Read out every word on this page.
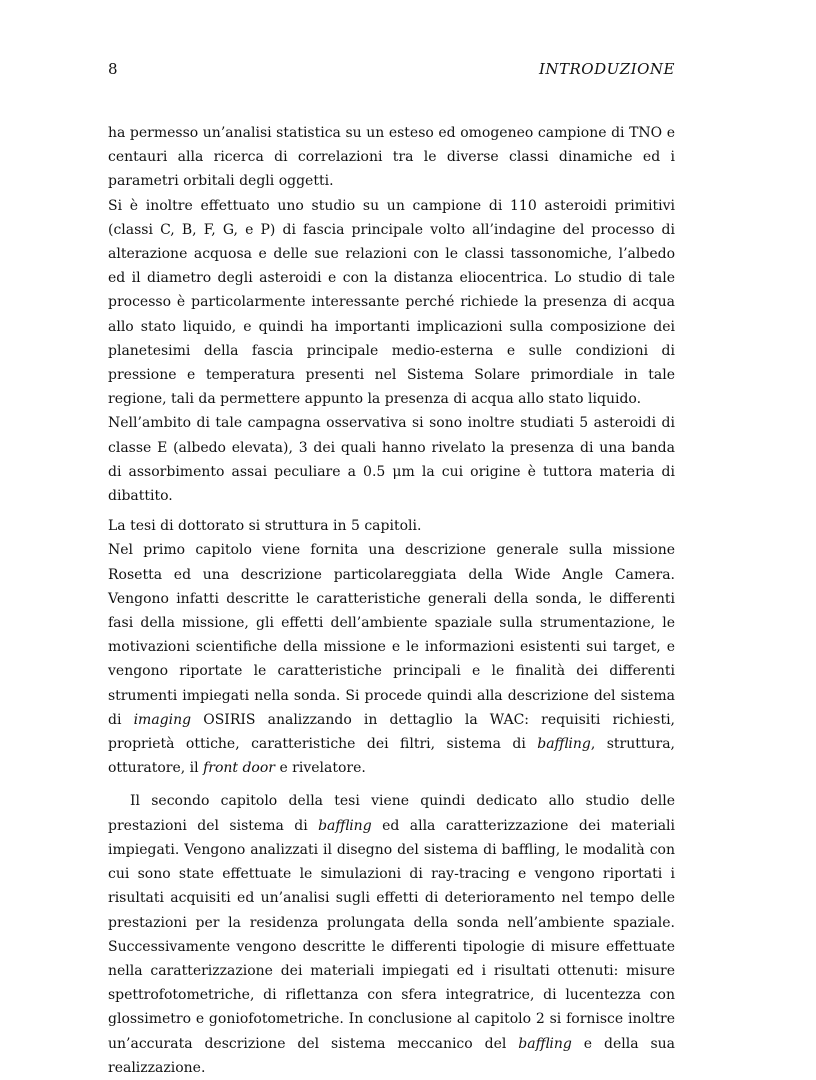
8	INTRODUZIONE

ha permesso un’analisi statistica su un esteso ed omogeneo campione di TNO e centauri alla ricerca di correlazioni tra le diverse classi dinamiche ed i parametri orbitali degli oggetti.

Si è inoltre effettuato uno studio su un campione di 110 asteroidi primitivi (classi C, B, F, G, e P) di fascia principale volto all’indagine del processo di alterazione acquosa e delle sue relazioni con le classi tassonomiche, l’albedo ed il diametro degli asteroidi e con la distanza eliocentrica. Lo studio di tale processo è particolarmente interessante perché richiede la presenza di acqua allo stato liquido, e quindi ha importanti implicazioni sulla composizione dei planetesimi della fascia principale medio-esterna e sulle condizioni di pressione e temperatura presenti nel Sistema Solare primordiale in tale regione, tali da permettere appunto la presenza di acqua allo stato liquido.

Nell’ambito di tale campagna osservativa si sono inoltre studiati 5 asteroidi di classe E (albedo elevata), 3 dei quali hanno rivelato la presenza di una banda di assorbimento assai peculiare a 0.5 μm la cui origine è tuttora materia di dibattito.

La tesi di dottorato si struttura in 5 capitoli.

Nel primo capitolo viene fornita una descrizione generale sulla missione Rosetta ed una descrizione particolareggiata della Wide Angle Camera. Vengono infatti descritte le caratteristiche generali della sonda, le differenti fasi della missione, gli effetti dell’ambiente spaziale sulla strumentazione, le motivazioni scientifiche della missione e le informazioni esistenti sui target, e vengono riportate le caratteristiche principali e le finalità dei differenti strumenti impiegati nella sonda. Si procede quindi alla descrizione del sistema di imaging OSIRIS analizzando in dettaglio la WAC: requisiti richiesti, proprietà ottiche, caratteristiche dei filtri, sistema di baffling, struttura, otturatore, il front door e rivelatore.

Il secondo capitolo della tesi viene quindi dedicato allo studio delle prestazioni del sistema di baffling ed alla caratterizzazione dei materiali impiegati. Vengono analizzati il disegno del sistema di baffling, le modalità con cui sono state effettuate le simulazioni di ray-tracing e vengono riportati i risultati acquisiti ed un’analisi sugli effetti di deterioramento nel tempo delle prestazioni per la residenza prolungata della sonda nell’ambiente spaziale. Successivamente vengono descritte le differenti tipologie di misure effettuate nella caratterizzazione dei materiali impiegati ed i risultati ottenuti: misure spettrofotometriche, di riflettanza con sfera integratrice, di lucentezza con glossimetro e goniofotometriche. In conclusione al capitolo 2 si fornisce inoltre un’accurata descrizione del sistema meccanico del baffling e della sua realizzazione.
